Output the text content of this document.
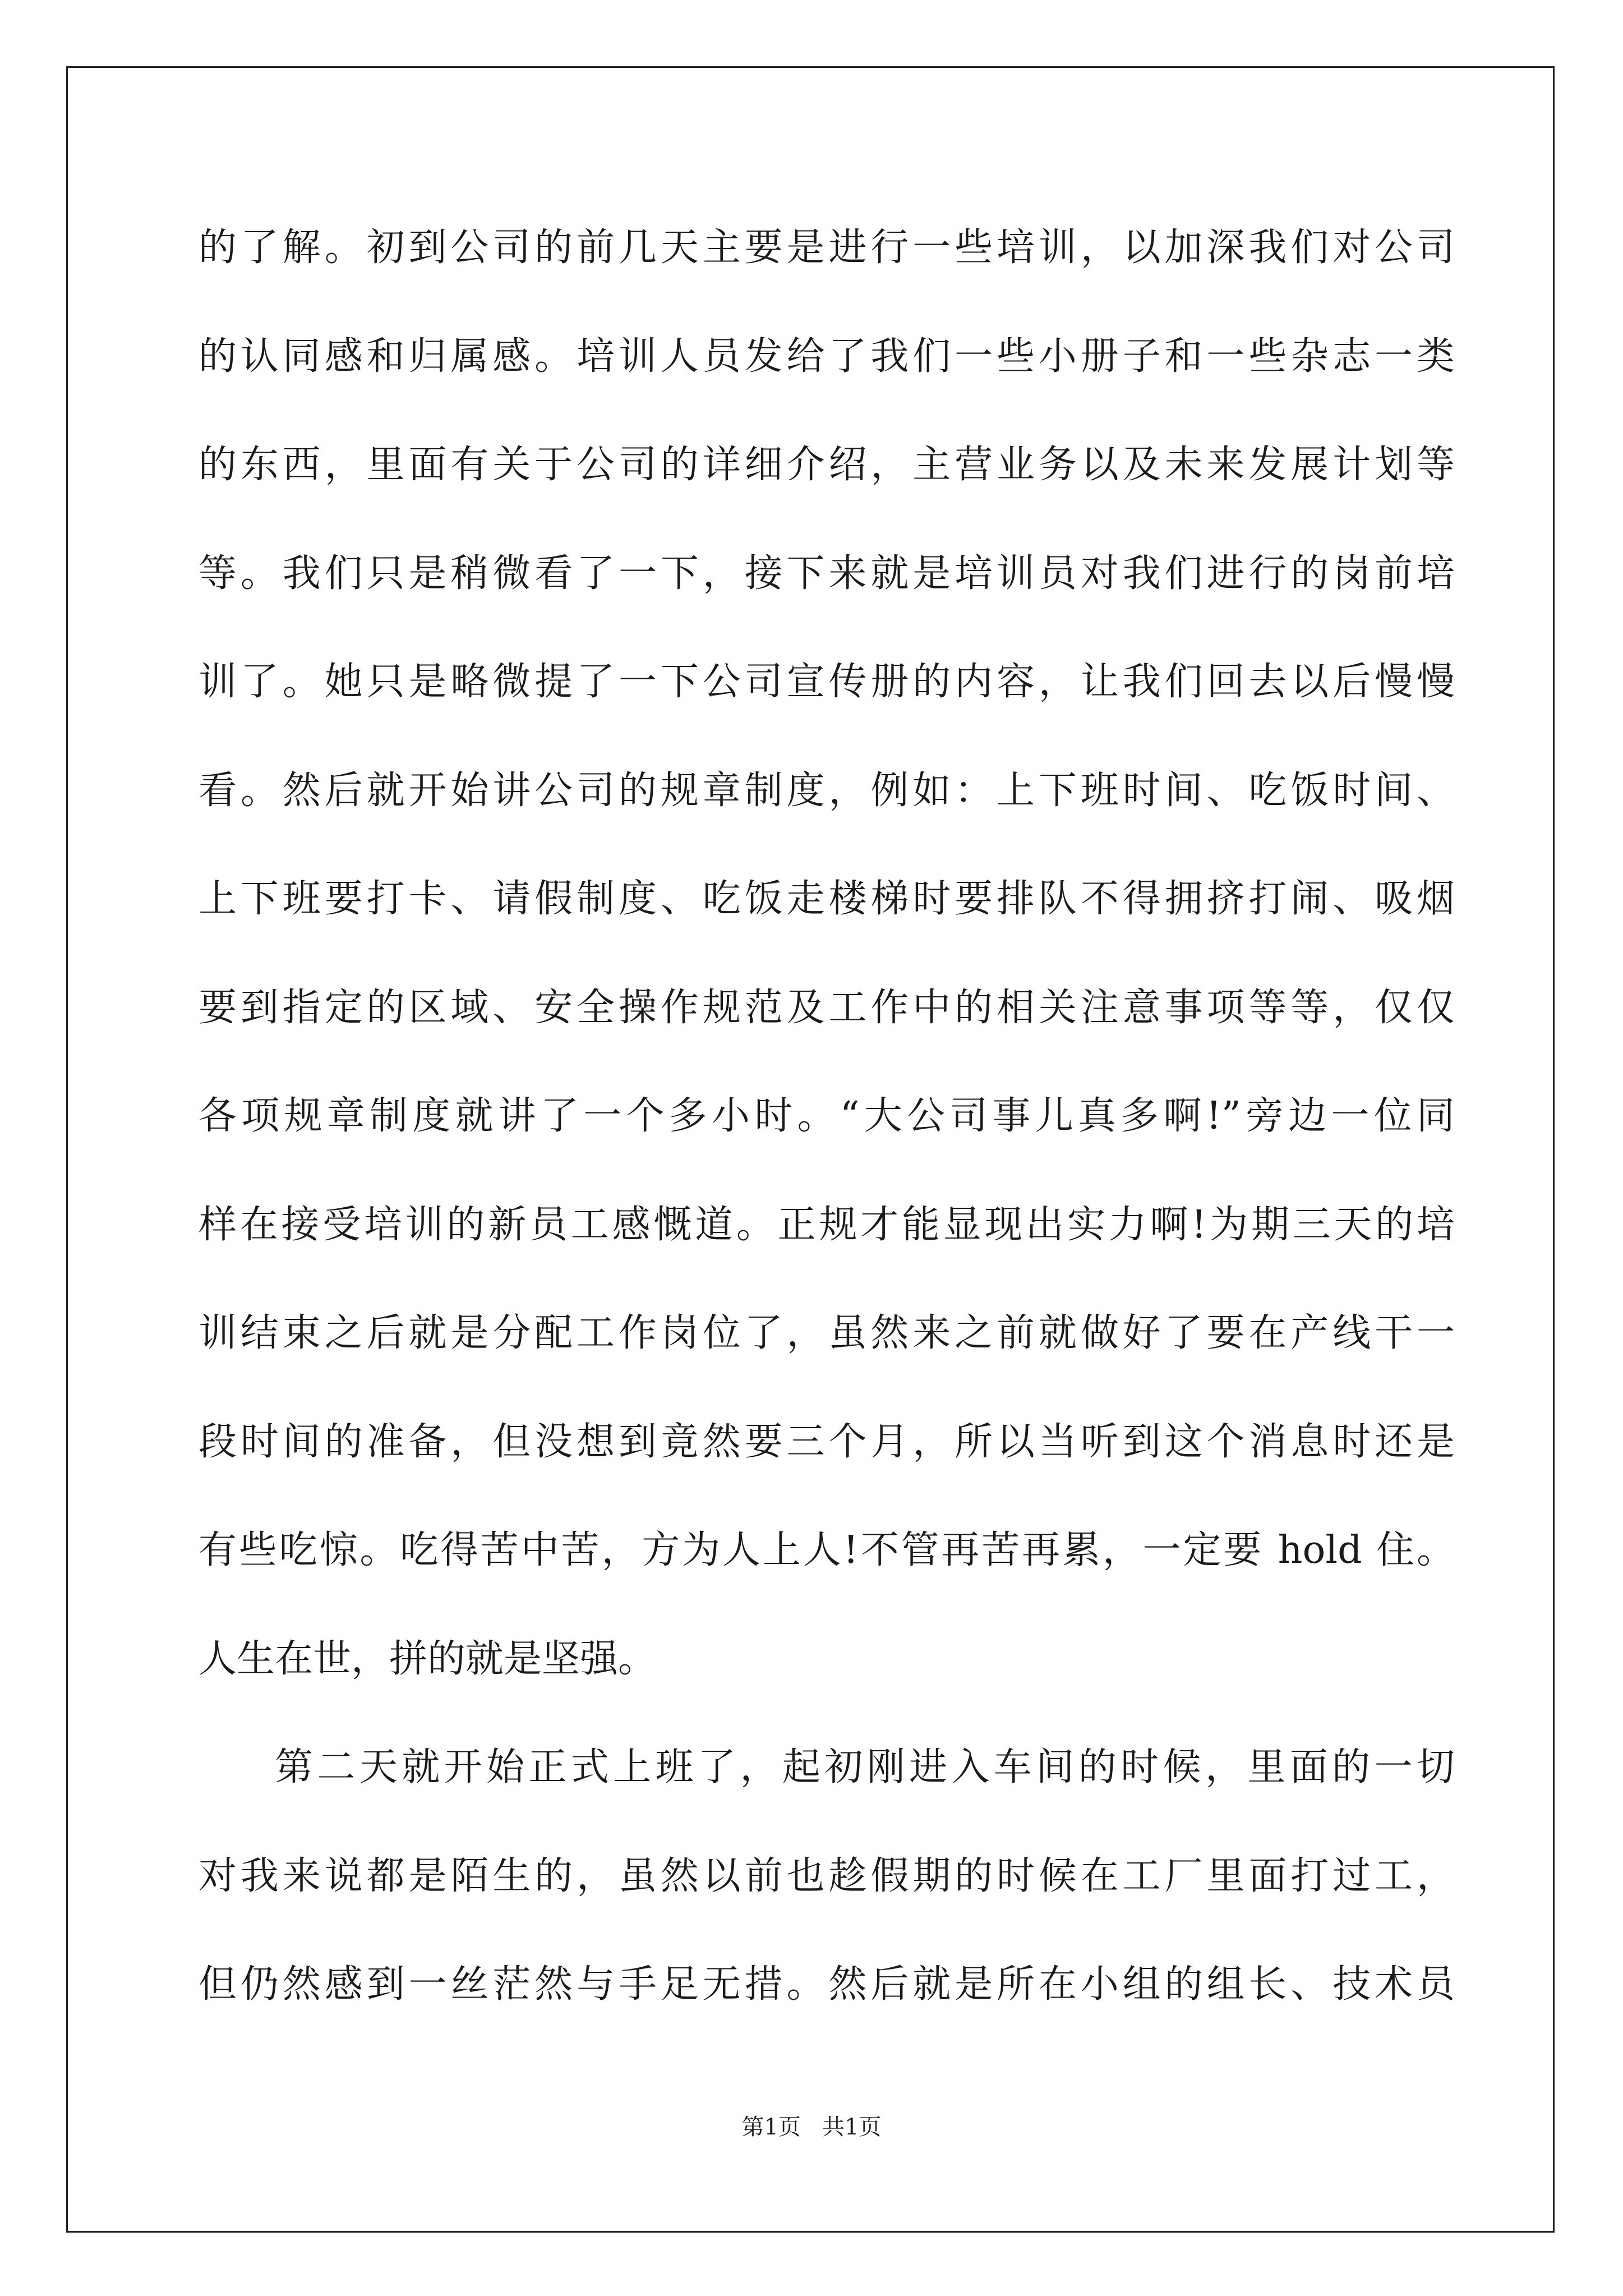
的了解。初到公司的前几天主要是进行一些培训，以加深我们对公司
的认同感和归属感。培训人员发给了我们一些小册子和一些杂志一类
的东西，里面有关于公司的详细介绍，主营业务以及未来发展计划等
等。我们只是稍微看了一下，接下来就是培训员对我们进行的岗前培
训了。她只是略微提了一下公司宣传册的内容，让我们回去以后慢慢
看。然后就开始讲公司的规章制度，例如：上下班时间、吃饭时间、
上下班要打卡、请假制度、吃饭走楼梯时要排队不得拥挤打闹、吸烟
要到指定的区域、安全操作规范及工作中的相关注意事项等等，仅仅
各项规章制度就讲了一个多小时。“大公司事儿真多啊!”旁边一位同
样在接受培训的新员工感慨道。正规才能显现出实力啊!为期三天的培
训结束之后就是分配工作岗位了，虽然来之前就做好了要在产线干一
段时间的准备，但没想到竟然要三个月，所以当听到这个消息时还是
有些吃惊。吃得苦中苦，方为人上人!不管再苦再累，一定要 hold 住。
人生在世，拼的就是坚强。
第二天就开始正式上班了，起初刚进入车间的时候，里面的一切
对我来说都是陌生的，虽然以前也趁假期的时候在工厂里面打过工，
但仍然感到一丝茫然与手足无措。然后就是所在小组的组长、技术员
第1页   共1页
